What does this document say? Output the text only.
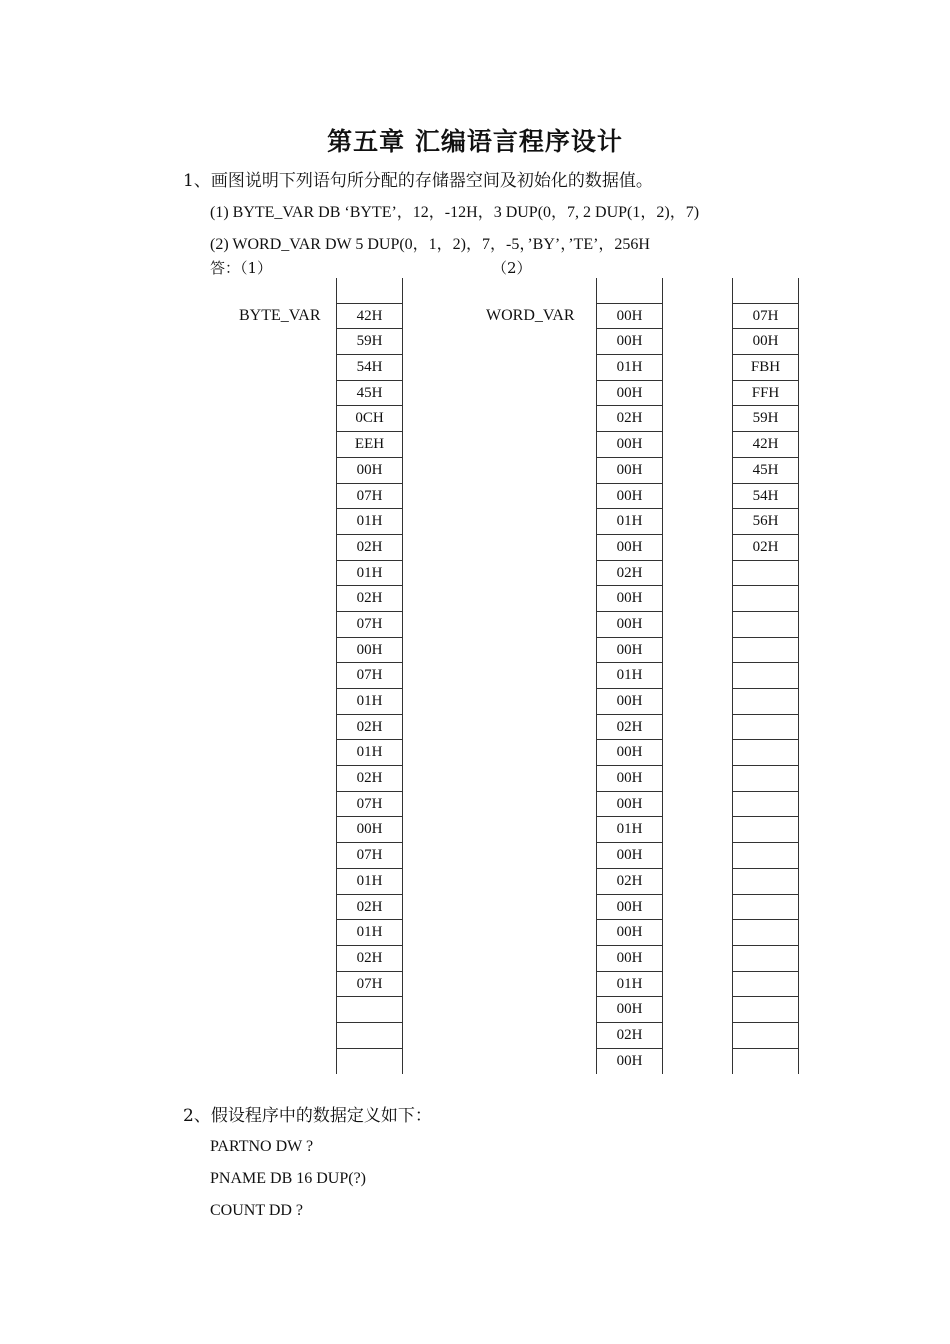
第五章 汇编语言程序设计
1、画图说明下列语句所分配的存储器空间及初始化的数据值。
(1) BYTE_VAR DB ‘BYTE’，12，-12H，3 DUP(0，7, 2 DUP(1，2)，7)
(2) WORD_VAR DW 5 DUP(0，1，2)，7，-5，’BY’，’TE’，256H
答：（1）	（2）
BYTE_VAR	WORD_VAR
42H
59H
54H
45H
0CH
EEH
00H
07H
01H
02H
01H
02H
07H
00H
07H
01H
02H
01H
02H
07H
00H
07H
01H
02H
01H
02H
07H
00H
00H
01H
00H
02H
00H
00H
00H
01H
00H
02H
00H
00H
00H
01H
00H
02H
00H
00H
00H
01H
00H
02H
00H
00H
00H
01H
00H
02H
00H
07H
00H
FBH
FFH
59H
42H
45H
54H
56H
02H
2、假设程序中的数据定义如下：
PARTNO DW ?
PNAME DB 16 DUP(?)
COUNT DD ?
